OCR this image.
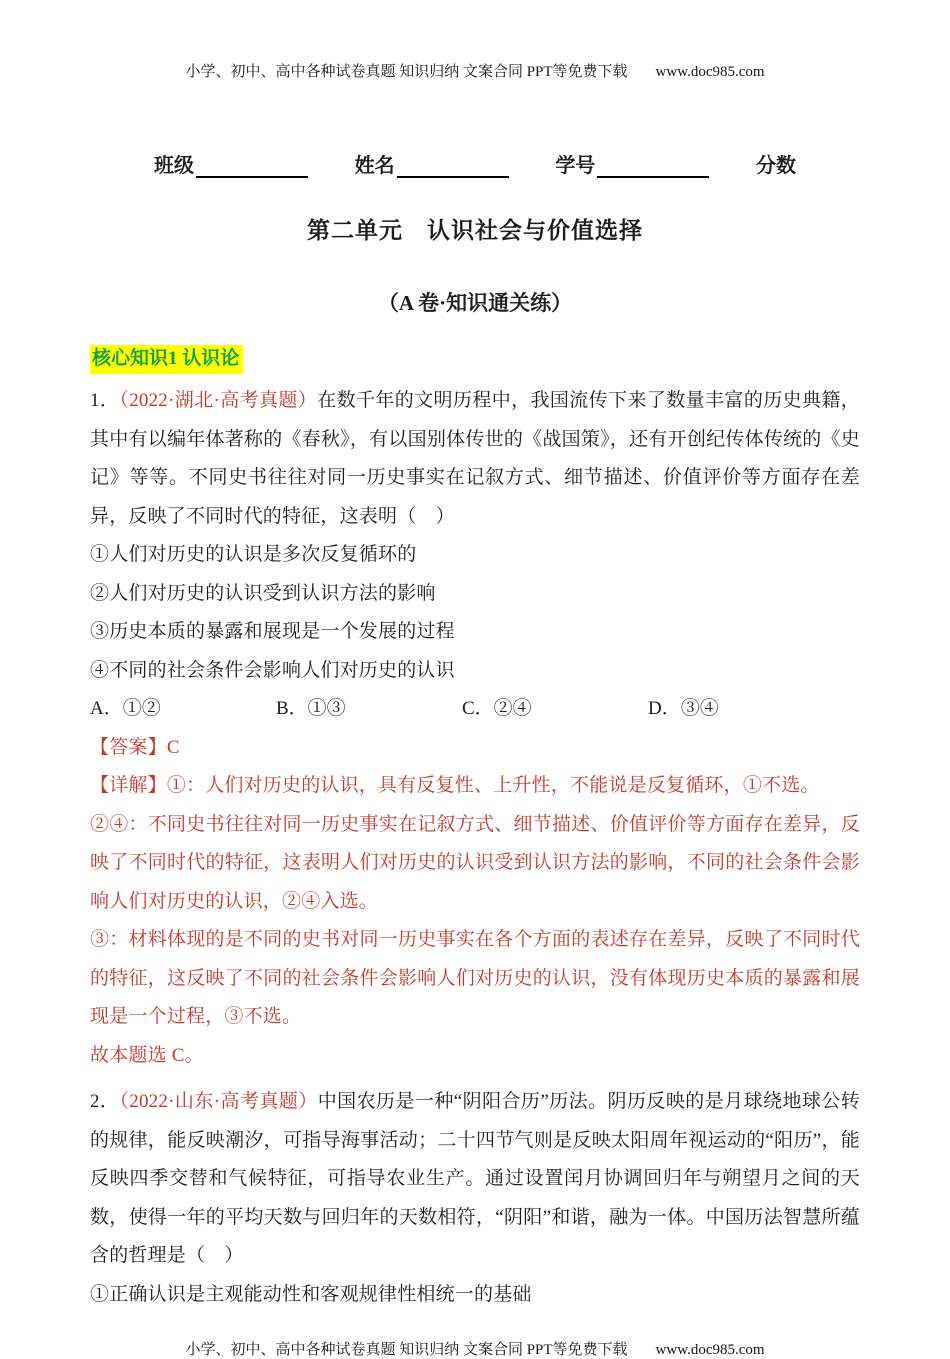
小学、初中、高中各种试卷真题 知识归纳 文案合同 PPT等免费下载 www.doc985.com
班级	姓名	学号	分数
第二单元　认识社会与价值选择
（A 卷·知识通关练）
核心知识1 认识论

1．（2022·湖北·高考真题）在数千年的文明历程中，我国流传下来了数量丰富的历史典籍，其中有以编年体著称的《春秋》，有以国别体传世的《战国策》，还有开创纪传体传统的《史记》等等。不同史书往往对同一历史事实在记叙方式、细节描述、价值评价等方面存在差异，反映了不同时代的特征，这表明（　）

①人们对历史的认识是多次反复循环的

②人们对历史的认识受到认识方法的影响

③历史本质的暴露和展现是一个发展的过程

④不同的社会条件会影响人们对历史的认识

A．①②	B．①③	C．②④	D．③④

【答案】C

【详解】①：人们对历史的认识，具有反复性、上升性，不能说是反复循环，①不选。

②④：不同史书往往对同一历史事实在记叙方式、细节描述、价值评价等方面存在差异，反映了不同时代的特征，这表明人们对历史的认识受到认识方法的影响，不同的社会条件会影响人们对历史的认识，②④入选。

③：材料体现的是不同的史书对同一历史事实在各个方面的表述存在差异，反映了不同时代的特征，这反映了不同的社会条件会影响人们对历史的认识，没有体现历史本质的暴露和展现是一个过程，③不选。

故本题选 C。

2．（2022·山东·高考真题）中国农历是一种“阴阳合历”历法。阴历反映的是月球绕地球公转的规律，能反映潮汐，可指导海事活动；二十四节气则是反映太阳周年视运动的“阳历”，能反映四季交替和气候特征，可指导农业生产。通过设置闰月协调回归年与朔望月之间的天数，使得一年的平均天数与回归年的天数相符，“阴阳”和谐，融为一体。中国历法智慧所蕴含的哲理是（　）

①正确认识是主观能动性和客观规律性相统一的基础

小学、初中、高中各种试卷真题 知识归纳 文案合同 PPT等免费下载 www.doc985.com
